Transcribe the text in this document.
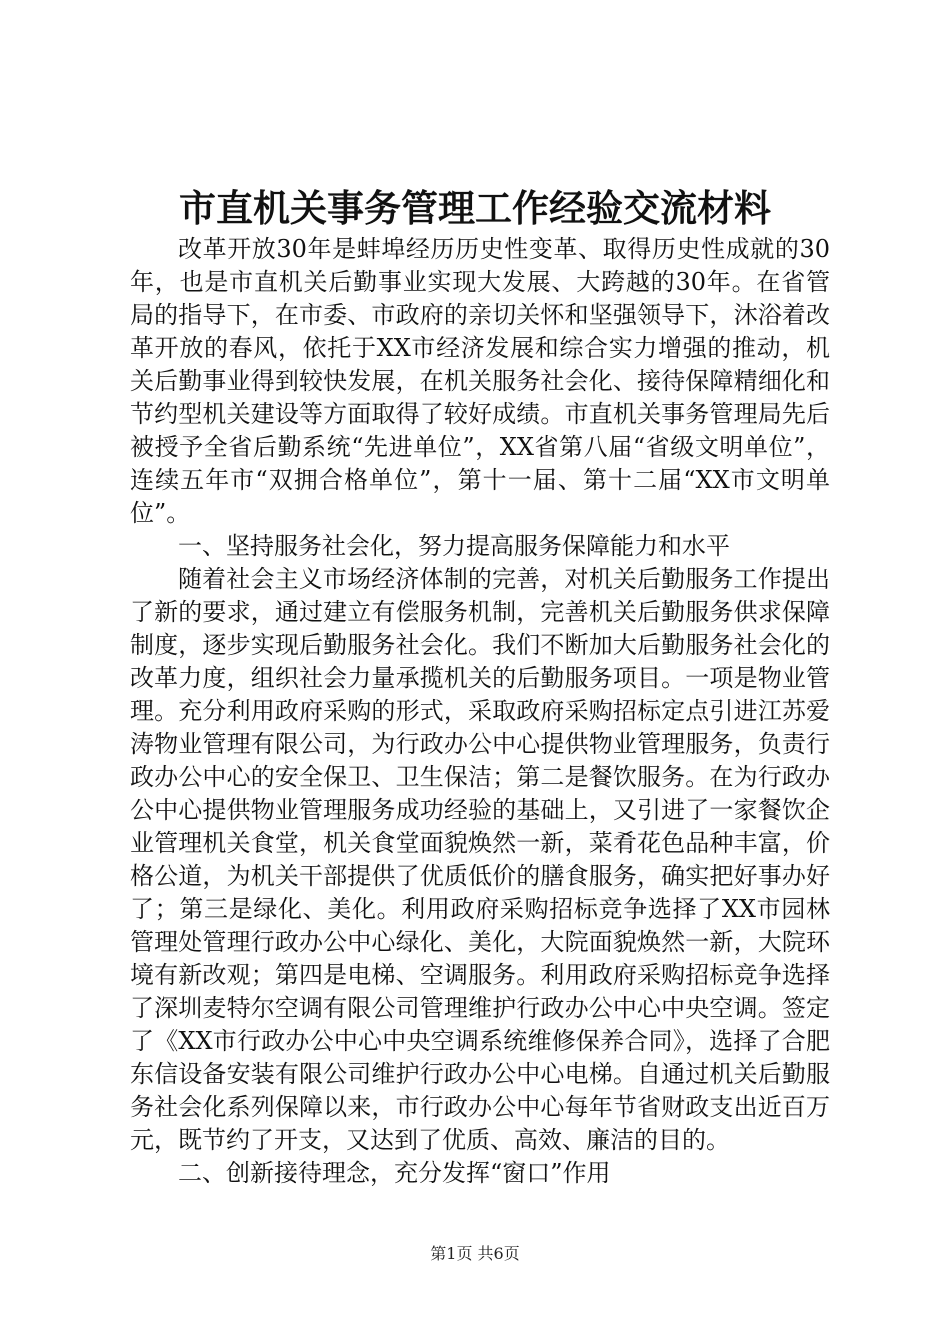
市直机关事务管理工作经验交流材料

改革开放30年是蚌埠经历历史性变革、取得历史性成就的30年，也是市直机关后勤事业实现大发展、大跨越的30年。在省管局的指导下，在市委、市政府的亲切关怀和坚强领导下，沐浴着改革开放的春风，依托于XX市经济发展和综合实力增强的推动，机关后勤事业得到较快发展，在机关服务社会化、接待保障精细化和节约型机关建设等方面取得了较好成绩。市直机关事务管理局先后被授予全省后勤系统“先进单位”，XX省第八届“省级文明单位”，连续五年市“双拥合格单位”，第十一届、第十二届“XX市文明单位”。

一、坚持服务社会化，努力提高服务保障能力和水平

随着社会主义市场经济体制的完善，对机关后勤服务工作提出了新的要求，通过建立有偿服务机制，完善机关后勤服务供求保障制度，逐步实现后勤服务社会化。我们不断加大后勤服务社会化的改革力度，组织社会力量承揽机关的后勤服务项目。一项是物业管理。充分利用政府采购的形式，采取政府采购招标定点引进江苏爱涛物业管理有限公司，为行政办公中心提供物业管理服务，负责行政办公中心的安全保卫、卫生保洁；第二是餐饮服务。在为行政办公中心提供物业管理服务成功经验的基础上，又引进了一家餐饮企业管理机关食堂，机关食堂面貌焕然一新，菜肴花色品种丰富，价格公道，为机关干部提供了优质低价的膳食服务，确实把好事办好了；第三是绿化、美化。利用政府采购招标竞争选择了XX市园林管理处管理行政办公中心绿化、美化，大院面貌焕然一新，大院环境有新改观；第四是电梯、空调服务。利用政府采购招标竞争选择了深圳麦特尔空调有限公司管理维护行政办公中心中央空调。签定了《XX市行政办公中心中央空调系统维修保养合同》，选择了合肥东信设备安装有限公司维护行政办公中心电梯。自通过机关后勤服务社会化系列保障以来，市行政办公中心每年节省财政支出近百万元，既节约了开支，又达到了优质、高效、廉洁的目的。

二、创新接待理念，充分发挥“窗口”作用

第1页 共6页
